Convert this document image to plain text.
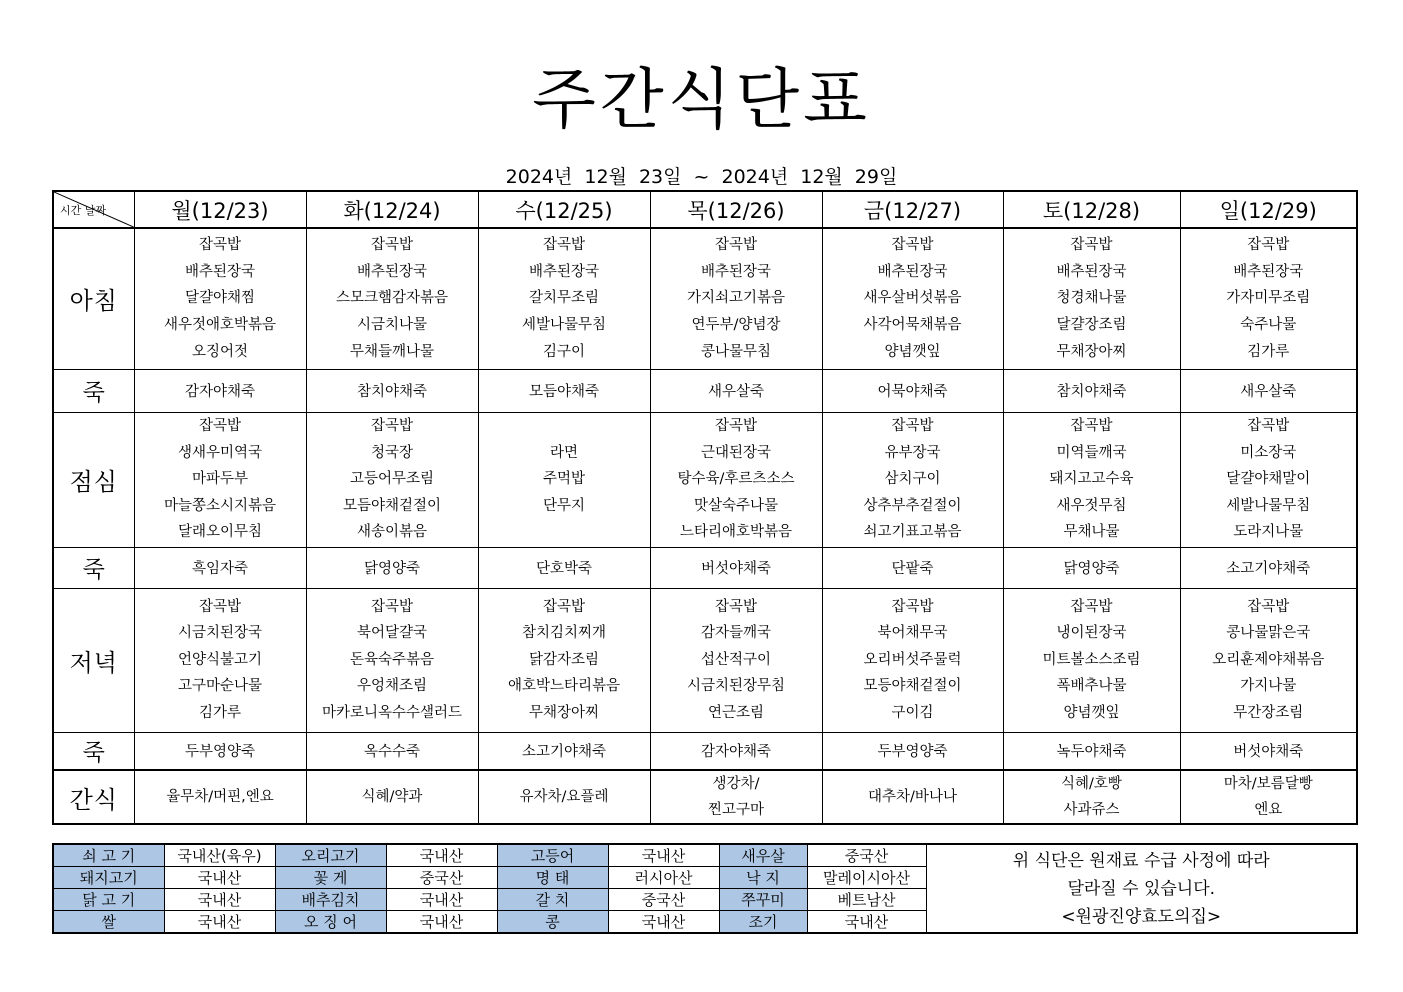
주간식단표
2024년 12월 23일 ~ 2024년 12월 29일
시간 날짜	월(12/23)	화(12/24)	수(12/25)	목(12/26)	금(12/27)	토(12/28)	일(12/29)
아침	잡곡밥
배추된장국
달걀야채찜
새우젓애호박볶음
오징어젓	잡곡밥
배추된장국
스모크햄감자볶음
시금치나물
무채들깨나물	잡곡밥
배추된장국
갈치무조림
세발나물무침
김구이	잡곡밥
배추된장국
가지쇠고기볶음
연두부/양념장
콩나물무침	잡곡밥
배추된장국
새우살버섯볶음
사각어묵채볶음
양념깻잎	잡곡밥
배추된장국
청경채나물
달걀장조림
무채장아찌	잡곡밥
배추된장국
가자미무조림
숙주나물
김가루

죽	감자야채죽	참치야채죽	모듬야채죽	새우살죽	어묵야채죽	참치야채죽	새우살죽
점심	잡곡밥
생새우미역국
마파두부
마늘쫑소시지볶음
달래오이무침	잡곡밥
청국장
고등어무조림
모듬야채겉절이
새송이볶음	라면
주먹밥
단무지	잡곡밥
근대된장국
탕수육/후르츠소스
맛살숙주나물
느타리애호박볶음	잡곡밥
유부장국
삼치구이
상추부추겉절이
쇠고기표고볶음	잡곡밥
미역들깨국
돼지고고수육
새우젓무침
무채나물	잡곡밥
미소장국
달걀야채말이
세발나물무침
도라지나물

죽	흑임자죽	닭영양죽	단호박죽	버섯야채죽	단팥죽	닭영양죽	소고기야채죽
저녁	잡곡밥
시금치된장국
언양식불고기
고구마순나물
김가루	잡곡밥
북어달걀국
돈육숙주볶음
우엉채조림
마카로니옥수수샐러드	잡곡밥
참치김치찌개
닭감자조림
애호박느타리볶음
무채장아찌	잡곡밥
감자들깨국
섭산적구이
시금치된장무침
연근조림	잡곡밥
북어채무국
오리버섯주물럭
모등야채겉절이
구이김	잡곡밥
냉이된장국
미트볼소스조림
폭배추나물
양념깻잎	잡곡밥
콩나물맑은국
오리훈제야채볶음
가지나물
무간장조림

죽	두부영양죽	옥수수죽	소고기야채죽	감자야채죽	두부영양죽	녹두야채죽	버섯야채죽
간식	율무차/머핀,엔요	식혜/약과	유자차/요플레	생강차/
찐고구마	대추차/바나나	식혜/호빵
사과쥬스	마차/보름달빵
엔요
쇠 고 기	국내산(육우)	오리고기	국내산	고등어	국내산	새우살	중국산	위 식단은 원재료 수급 사정에 따라
달라질 수 있습니다.
<원광진양효도의집>

돼지고기	국내산	꽃 게	중국산	명 태	러시아산	낙 지	말레이시아산	
닭 고 기	국내산	배추김치	국내산	갈 치	중국산	쭈꾸미	베트남산	
쌀	국내산	오 징 어	국내산	콩	국내산	조기	국내산	
